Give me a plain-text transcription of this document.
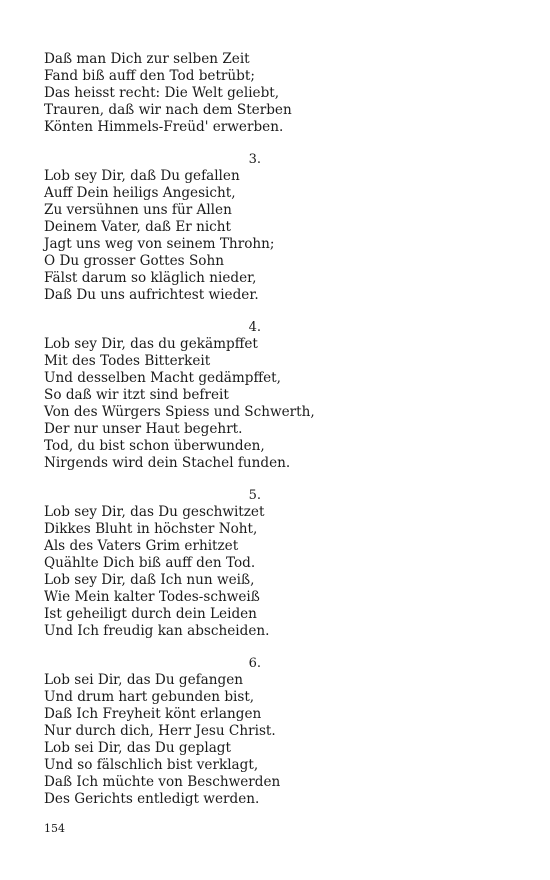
Daß man Dich zur selben Zeit
Fand biß auff den Tod betrübt;
Das heisst recht: Die Welt geliebt,
Trauren, daß wir nach dem Sterben
Könten Himmels-Freüd' erwerben.
3.
Lob sey Dir, daß Du gefallen
Auff Dein heiligs Angesicht,
Zu versühnen uns für Allen
Deinem Vater, daß Er nicht
Jagt uns weg von seinem Throhn;
O Du grosser Gottes Sohn
Fälst darum so kläglich nieder,
Daß Du uns aufrichtest wieder.
4.
Lob sey Dir, das du gekämpffet
Mit des Todes Bitterkeit
Und desselben Macht gedämpffet,
So daß wir itzt sind befreit
Von des Würgers Spiess und Schwerth,
Der nur unser Haut begehrt.
Tod, du bist schon überwunden,
Nirgends wird dein Stachel funden.
5.
Lob sey Dir, das Du geschwitzet
Dikkes Bluht in höchster Noht,
Als des Vaters Grim erhitzet
Quählte Dich biß auff den Tod.
Lob sey Dir, daß Ich nun weiß,
Wie Mein kalter Todes-schweiß
Ist geheiligt durch dein Leiden
Und Ich freudig kan abscheiden.
6.
Lob sei Dir, das Du gefangen
Und drum hart gebunden bist,
Daß Ich Freyheit könt erlangen
Nur durch dich, Herr Jesu Christ.
Lob sei Dir, das Du geplagt
Und so fälschlich bist verklagt,
Daß Ich müchte von Beschwerden
Des Gerichts entledigt werden.
154
